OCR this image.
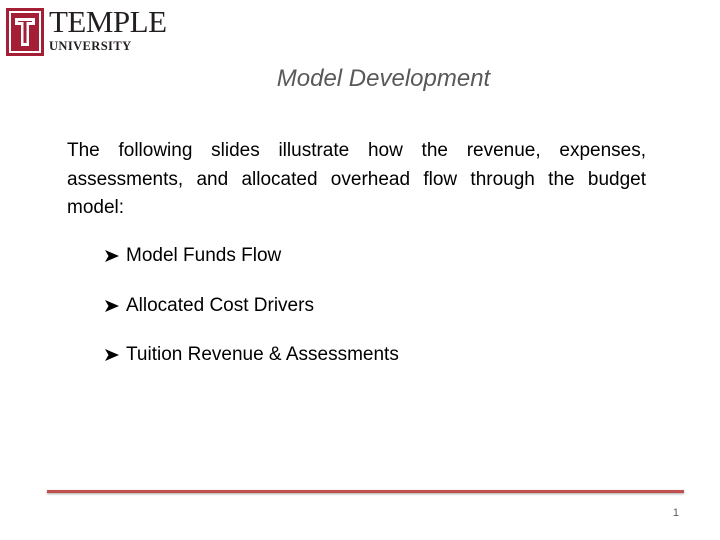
TEMPLE
UNIVERSITY
Model Development
The following slides illustrate how the revenue, expenses, assessments, and allocated overhead flow through the budget model:
Model Funds Flow
Allocated Cost Drivers
Tuition Revenue & Assessments
1
